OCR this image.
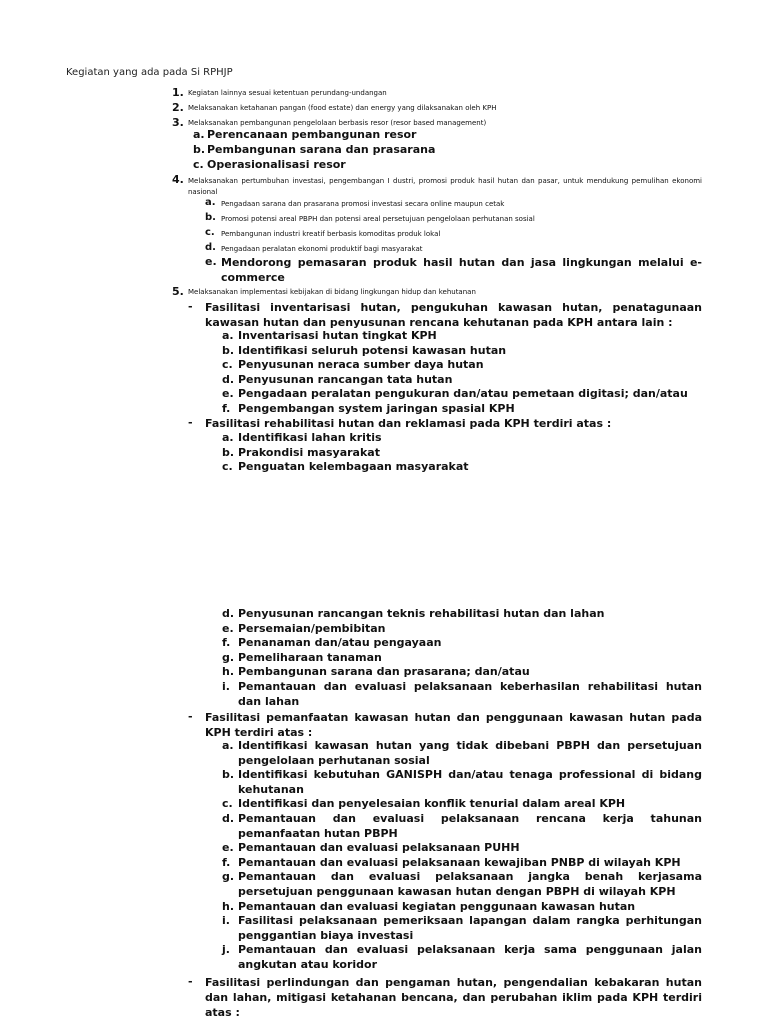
Kegiatan yang ada pada Si RPHJP
1. Kegiatan lainnya sesuai ketentuan perundang-undangan
2. Melaksanakan ketahanan pangan (food estate) dan energy yang dilaksanakan oleh KPH
3. Melaksanakan pembangunan pengelolaan berbasis resor (resor based management)
a. Perencanaan pembangunan resor
b. Pembangunan sarana dan prasarana
c. Operasionalisasi resor
4. Melaksanakan pertumbuhan investasi, pengembangan I dustri, promosi produk hasil hutan dan pasar, untuk mendukung pemulihan ekonomi nasional
a. Pengadaan sarana dan prasarana promosi investasi secara online maupun cetak
b. Promosi potensi areal PBPH dan potensi areal persetujuan pengelolaan perhutanan sosial
c. Pembangunan industri kreatif berbasis komoditas produk lokal
d. Pengadaan peralatan ekonomi produktif bagi masyarakat
e. Mendorong pemasaran produk hasil hutan dan jasa lingkungan melalui e-commerce
5. Melaksanakan implementasi kebijakan di bidang lingkungan hidup dan kehutanan
- Fasilitasi inventarisasi hutan, pengukuhan kawasan hutan, penatagunaan kawasan hutan dan penyusunan rencana kehutanan pada KPH antara lain :
a. Inventarisasi hutan tingkat KPH
b. Identifikasi seluruh potensi kawasan hutan
c. Penyusunan neraca sumber daya hutan
d. Penyusunan rancangan tata hutan
e. Pengadaan peralatan pengukuran dan/atau pemetaan digitasi; dan/atau
f. Pengembangan system jaringan spasial KPH
- Fasilitasi rehabilitasi hutan dan reklamasi pada KPH terdiri atas :
a. Identifikasi lahan kritis
b. Prakondisi masyarakat
c. Penguatan kelembagaan masyarakat
d. Penyusunan rancangan teknis rehabilitasi hutan dan lahan
e. Persemaian/pembibitan
f. Penanaman dan/atau pengayaan
g. Pemeliharaan tanaman
h. Pembangunan sarana dan prasarana; dan/atau
i. Pemantauan dan evaluasi pelaksanaan keberhasilan rehabilitasi hutan dan lahan
- Fasilitasi pemanfaatan kawasan hutan dan penggunaan kawasan hutan pada KPH terdiri atas :
a. Identifikasi kawasan hutan yang tidak dibebani PBPH dan persetujuan pengelolaan perhutanan sosial
b. Identifikasi kebutuhan GANISPH dan/atau tenaga professional di bidang kehutanan
c. Identifikasi dan penyelesaian konflik tenurial dalam areal KPH
d. Pemantauan dan evaluasi pelaksanaan rencana kerja tahunan pemanfaatan hutan PBPH
e. Pemantauan dan evaluasi pelaksanaan PUHH
f. Pemantauan dan evaluasi pelaksanaan kewajiban PNBP di wilayah KPH
g. Pemantauan dan evaluasi pelaksanaan jangka benah kerjasama persetujuan penggunaan kawasan hutan dengan PBPH di wilayah KPH
h. Pemantauan dan evaluasi kegiatan penggunaan kawasan hutan
i. Fasilitasi pelaksanaan pemeriksaan lapangan dalam rangka perhitungan penggantian biaya investasi
j. Pemantauan dan evaluasi pelaksanaan kerja sama penggunaan jalan angkutan atau koridor
- Fasilitasi perlindungan dan pengaman hutan, pengendalian kebakaran hutan dan lahan, mitigasi ketahanan bencana, dan perubahan iklim pada KPH terdiri atas :
